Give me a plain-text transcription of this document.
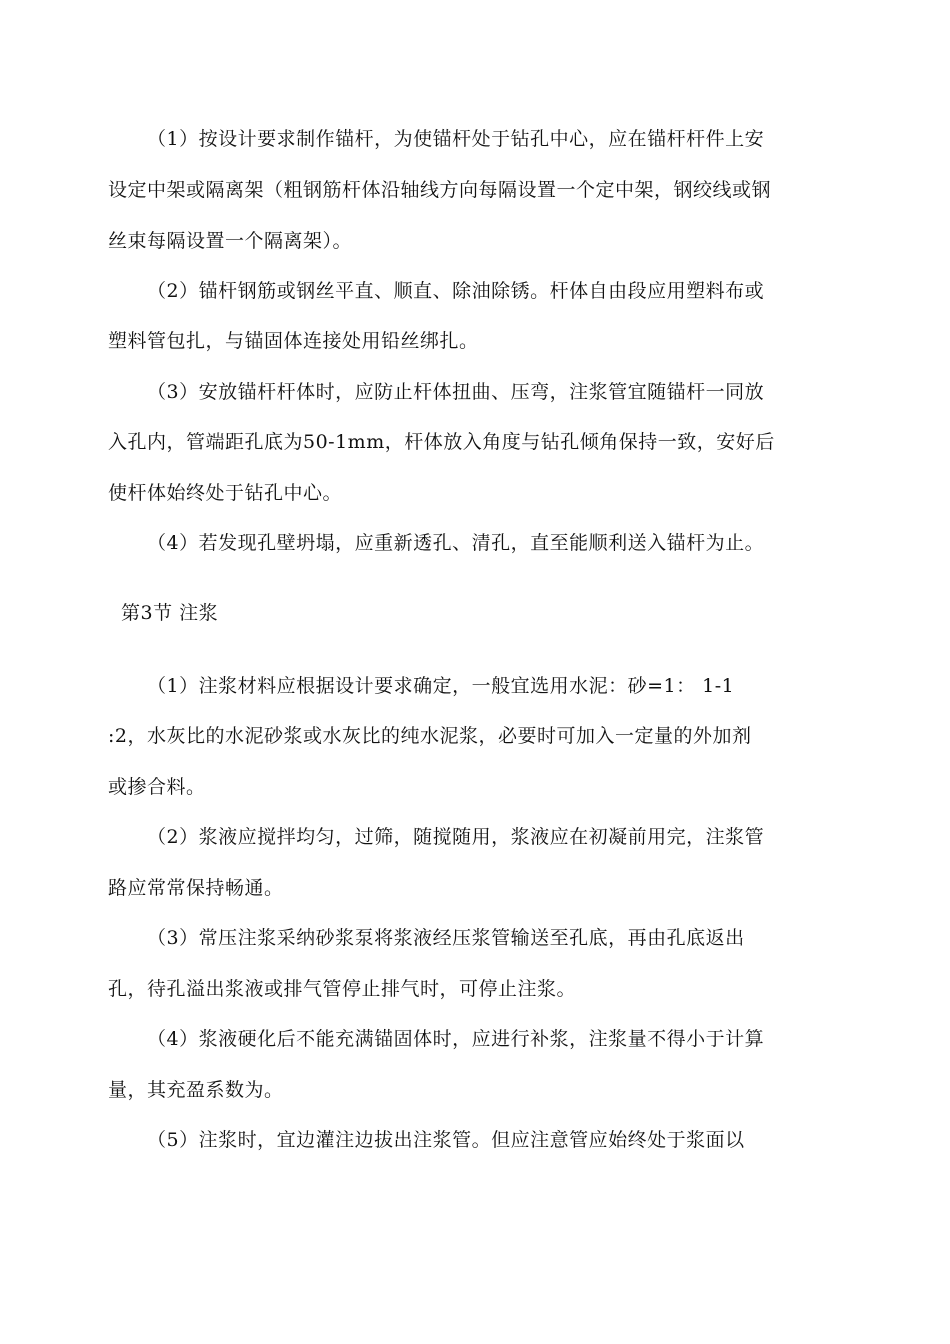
（1）按设计要求制作锚杆，为使锚杆处于钻孔中心，应在锚杆杆件上安
设定中架或隔离架（粗钢筋杆体沿轴线方向每隔设置一个定中架，钢绞线或钢
丝束每隔设置一个隔离架）。
（2）锚杆钢筋或钢丝平直、顺直、除油除锈。杆体自由段应用塑料布或
塑料管包扎，与锚固体连接处用铅丝绑扎。
（3）安放锚杆杆体时，应防止杆体扭曲、压弯，注浆管宜随锚杆一同放
入孔内，管端距孔底为50-1mm，杆体放入角度与钻孔倾角保持一致，安好后
使杆体始终处于钻孔中心。
（4）若发现孔壁坍塌，应重新透孔、清孔，直至能顺利送入锚杆为止。
第3节 注浆
（1）注浆材料应根据设计要求确定，一般宜选用水泥：砂=1： 1-1
:2，水灰比的水泥砂浆或水灰比的纯水泥浆，必要时可加入一定量的外加剂
或掺合料。
（2）浆液应搅拌均匀，过筛，随搅随用，浆液应在初凝前用完，注浆管
路应常常保持畅通。
（3）常压注浆采纳砂浆泵将浆液经压浆管输送至孔底，再由孔底返出
孔，待孔溢出浆液或排气管停止排气时，可停止注浆。
（4）浆液硬化后不能充满锚固体时，应进行补浆，注浆量不得小于计算
量，其充盈系数为。
（5）注浆时，宜边灌注边拔出注浆管。但应注意管应始终处于浆面以
